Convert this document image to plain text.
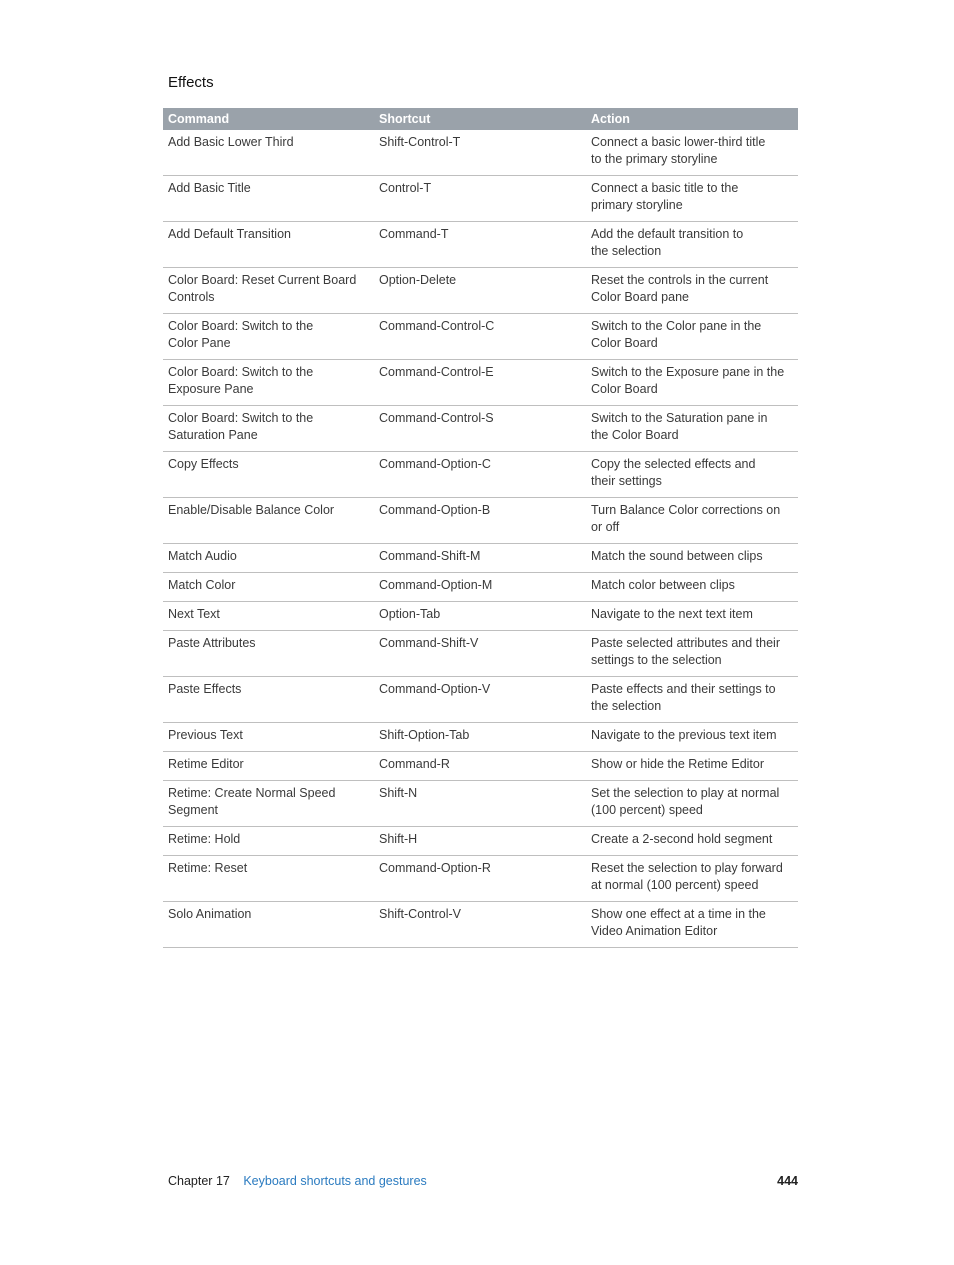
Effects
Command	Shortcut	Action
Add Basic Lower Third	Shift-Control-T	Connect a basic lower-third title
to the primary storyline
Add Basic Title	Control-T	Connect a basic title to the
primary storyline
Add Default Transition	Command-T	Add the default transition to
the selection
Color Board: Reset Current Board
Controls	Option-Delete	Reset the controls in the current
Color Board pane
Color Board: Switch to the
Color Pane	Command-Control-C	Switch to the Color pane in the
Color Board
Color Board: Switch to the
Exposure Pane	Command-Control-E	Switch to the Exposure pane in the
Color Board
Color Board: Switch to the
Saturation Pane	Command-Control-S	Switch to the Saturation pane in
the Color Board
Copy Effects	Command-Option-C	Copy the selected effects and
their settings
Enable/Disable Balance Color	Command-Option-B	Turn Balance Color corrections on
or off
Match Audio	Command-Shift-M	Match the sound between clips
Match Color	Command-Option-M	Match color between clips
Next Text	Option-Tab	Navigate to the next text item
Paste Attributes	Command-Shift-V	Paste selected attributes and their
settings to the selection
Paste Effects	Command-Option-V	Paste effects and their settings to
the selection
Previous Text	Shift-Option-Tab	Navigate to the previous text item
Retime Editor	Command-R	Show or hide the Retime Editor
Retime: Create Normal Speed
Segment	Shift-N	Set the selection to play at normal
(100 percent) speed
Retime: Hold	Shift-H	Create a 2-second hold segment
Retime: Reset	Command-Option-R	Reset the selection to play forward
at normal (100 percent) speed
Solo Animation	Shift-Control-V	Show one effect at a time in the
Video Animation Editor
Chapter 17 Keyboard shortcuts and gestures	444
